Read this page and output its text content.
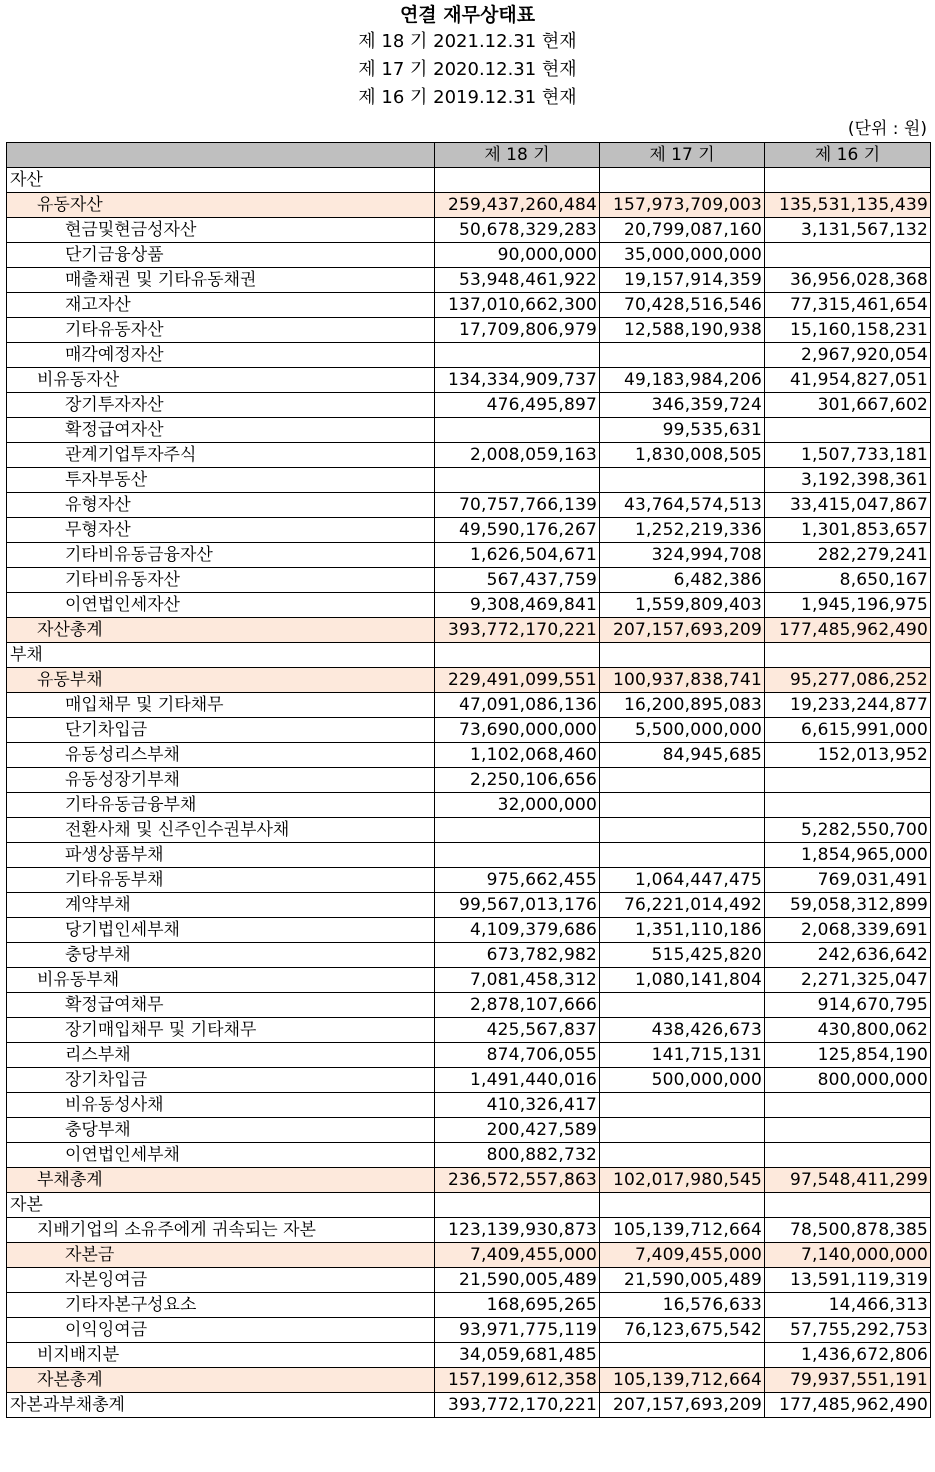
연결 재무상태표
제 18 기 2021.12.31 현재
제 17 기 2020.12.31 현재
제 16 기 2019.12.31 현재
(단위 : 원)
	제 18 기	제 17 기	제 16 기
자산			
유동자산	259,437,260,484	157,973,709,003	135,531,135,439
현금및현금성자산	50,678,329,283	20,799,087,160	3,131,567,132
단기금융상품	90,000,000	35,000,000,000	
매출채권 및 기타유동채권	53,948,461,922	19,157,914,359	36,956,028,368
재고자산	137,010,662,300	70,428,516,546	77,315,461,654
기타유동자산	17,709,806,979	12,588,190,938	15,160,158,231
매각예정자산			2,967,920,054
비유동자산	134,334,909,737	49,183,984,206	41,954,827,051
장기투자자산	476,495,897	346,359,724	301,667,602
확정급여자산		99,535,631	
관계기업투자주식	2,008,059,163	1,830,008,505	1,507,733,181
투자부동산			3,192,398,361
유형자산	70,757,766,139	43,764,574,513	33,415,047,867
무형자산	49,590,176,267	1,252,219,336	1,301,853,657
기타비유동금융자산	1,626,504,671	324,994,708	282,279,241
기타비유동자산	567,437,759	6,482,386	8,650,167
이연법인세자산	9,308,469,841	1,559,809,403	1,945,196,975
자산총계	393,772,170,221	207,157,693,209	177,485,962,490
부채			
유동부채	229,491,099,551	100,937,838,741	95,277,086,252
매입채무 및 기타채무	47,091,086,136	16,200,895,083	19,233,244,877
단기차입금	73,690,000,000	5,500,000,000	6,615,991,000
유동성리스부채	1,102,068,460	84,945,685	152,013,952
유동성장기부채	2,250,106,656		
기타유동금융부채	32,000,000		
전환사채 및 신주인수권부사채			5,282,550,700
파생상품부채			1,854,965,000
기타유동부채	975,662,455	1,064,447,475	769,031,491
계약부채	99,567,013,176	76,221,014,492	59,058,312,899
당기법인세부채	4,109,379,686	1,351,110,186	2,068,339,691
충당부채	673,782,982	515,425,820	242,636,642
비유동부채	7,081,458,312	1,080,141,804	2,271,325,047
확정급여채무	2,878,107,666		914,670,795
장기매입채무 및 기타채무	425,567,837	438,426,673	430,800,062
리스부채	874,706,055	141,715,131	125,854,190
장기차입금	1,491,440,016	500,000,000	800,000,000
비유동성사채	410,326,417		
충당부채	200,427,589		
이연법인세부채	800,882,732		
부채총계	236,572,557,863	102,017,980,545	97,548,411,299
자본			
지배기업의 소유주에게 귀속되는 자본	123,139,930,873	105,139,712,664	78,500,878,385
자본금	7,409,455,000	7,409,455,000	7,140,000,000
자본잉여금	21,590,005,489	21,590,005,489	13,591,119,319
기타자본구성요소	168,695,265	16,576,633	14,466,313
이익잉여금	93,971,775,119	76,123,675,542	57,755,292,753
비지배지분	34,059,681,485		1,436,672,806
자본총계	157,199,612,358	105,139,712,664	79,937,551,191
자본과부채총계	393,772,170,221	207,157,693,209	177,485,962,490
